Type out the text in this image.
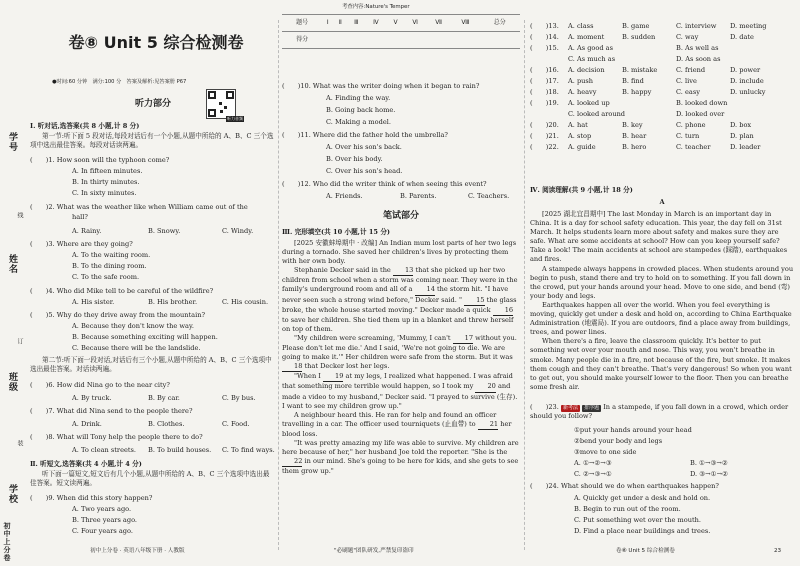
学号
姓名
班级
学校
线
订
装
初中上分卷
卷⑧ Unit 5 综合检测卷
●时间:60 分钟　满分:100 分　答案及解析:见答案册 P67
听力音频
听力部分
Ⅰ. 听对话,选答案(共 8 小题,计 8 分)

第一节:听下面 5 段对话,每段对话后有一个小题,从题中所给的 A、B、C 三个选项中选出最佳答案。每段对话读两遍。

(　　)1. How soon will the typhoon come?
A. In fifteen minutes.
B. In thirty minutes.
C. In sixty minutes.
(　　)2. What was the weather like when William came out of the
hall?
A. Rainy.	B. Snowy.	C. Windy.
(　　)3. Where are they going?
A. To the waiting room.
B. To the dining room.
C. To the safe room.
(　　)4. Who did Mike tell to be careful of the wildfire?
A. His sister.	B. His brother.	C. His cousin.
(　　)5. Why do they drive away from the mountain?
A. Because they don't know the way.
B. Because something exciting will happen.
C. Because there will be the landslide.

第二节:听下面一段对话,对话后有三个小题,从题中所给的 A、B、C 三个选项中选出最佳答案。对话读两遍。

(　　)6. How did Nina go to the near city?
A. By truck.	B. By car.	C. By bus.
(　　)7. What did Nina send to the people there?
A. Drink.	B. Clothes.	C. Food.
(　　)8. What will Tony help the people there to do?
A. To clean streets. B. To build houses. C. To find ways.
Ⅱ. 听短文,选答案(共 4 小题,计 4 分)

听下面一篇短文,短文后有几个小题,从题中所给的 A、B、C 三个选项中选出最佳答案。短文读两遍。

(　　)9. When did this story happen?
A. Two years ago.
B. Three years ago.
C. Four years ago.
初中上分卷 · 英语八年级下册 · 人教版
考查内容:Nature's Temper
题号	Ⅰ	Ⅱ	Ⅲ	Ⅳ	Ⅴ	Ⅵ	Ⅶ	Ⅷ	总分
得分									
(　　)10. What was the writer doing when it began to rain?
A. Finding the way.
B. Going back home.
C. Making a model.
(　　)11. Where did the father hold the umbrella?
A. Over his son's back.
B. Over his body.
C. Over his son's head.
(　　)12. Who did the writer think of when seeing this event?
A. Friends.	B. Parents.	C. Teachers.
笔试部分
Ⅲ. 完形填空(共 10 小题,计 15 分)

[2025 安徽蚌埠期中 · 改编] An Indian mum lost parts of her two legs during a tornado. She saved her children's lives by protecting them with her own body.

Stephanie Decker said in the 13 that she picked up her two children from school when a storm was coming near. They were in the family's underground room and all of a 14 the storm hit. "I have never seen such a strong wind before," Decker said. " 15 the glass broke, the whole house started moving." Decker made a quick 16 to save her children. She tied them up in a blanket and threw herself on top of them.

"My children were screaming, 'Mummy, I can't 17 without you. Please don't let me die.' And I said, 'We're not going to die. We are going to make it.'" Her children were safe from the storm. But it was 18 that Decker lost her legs.

"When I 19 at my legs, I realized what happened. I was afraid that something more terrible would happen, so I took my 20 and made a video to my husband," Decker said. "I prayed to survive (生存). I want to see my children grow up."

A neighbour heard this. He ran for help and found an officer travelling in a car. The officer used tourniquets (止血带) to 21 her blood loss.

"It was pretty amazing my life was able to survive. My children are here because of her," her husband Joe told the reporter. "She is the 22 in our mind. She's going to be here for kids, and she gets to see them grow up."

"必刷题"团队研发,严禁复印盗印
(　　)13. A. class	B. game	C. interview D. meeting
(　　)14. A. moment	B. sudden	C. way	D. date
(　　)15. A. As good as	B. As well as
C. As much as	D. As soon as
(　　)16. A. decision	B. mistake	C. friend	D. power
(　　)17. A. push	B. find	C. live	D. include
(　　)18. A. heavy	B. happy	C. easy	D. unlucky
(　　)19. A. looked up	B. looked down
C. looked around	D. looked over
(　　)20. A. hat	B. key	C. phone	D. box
(　　)21. A. stop	B. hear	C. turn	D. plan
(　　)22. A. guide	B. hero	C. teacher	D. leader
Ⅳ. 阅读理解(共 9 小题,计 18 分)
A

[2025 湖北宜昌期中] The last Monday in March is an important day in China. It is a day for school safety education. This year, the day fell on 31st March. It helps students learn more about safety and makes sure they are safe. What are some accidents at school? How can you keep yourself safe? Take a look! The main accidents at school are stampedes (踩踏), earthquakes and fires.

A stampede always happens in crowded places. When students around you begin to push, stand there and try to hold on to something. If you fall down in the crowd, put your hands around your head. Move to one side, and bend (弯) your body and legs.

Earthquakes happen all over the world. When you feel everything is moving, quickly get under a desk and hold on, according to China Earthquake Administration (地震局). If you are outdoors, find a place away from buildings, trees, and power lines.

When there's a fire, leave the classroom quickly. It's better to put something wet over your mouth and nose. This way, you won't breathe in smoke. Many people die in a fire, not because of the fire, but smoke. It makes them cough and they can't breathe. That's very dangerous! So when you want to get out, you should make yourself lower to the floor. Then you can breathe some fresh air.

(　　)23. 新考法 排序题 In a stampede, if you fall down in a crowd, which order should you follow?
①put your hands around your head
②bend your body and legs
③move to one side
A. ①→②→③	B. ①→③→②
C. ②→③→①	D. ③→①→②
(　　)24. What should we do when earthquakes happen?
A. Quickly get under a desk and hold on.
B. Begin to run out of the room.
C. Put something wet over the mouth.
D. Find a place near buildings and trees.
卷⑧ Unit 5 综合检测卷	23
